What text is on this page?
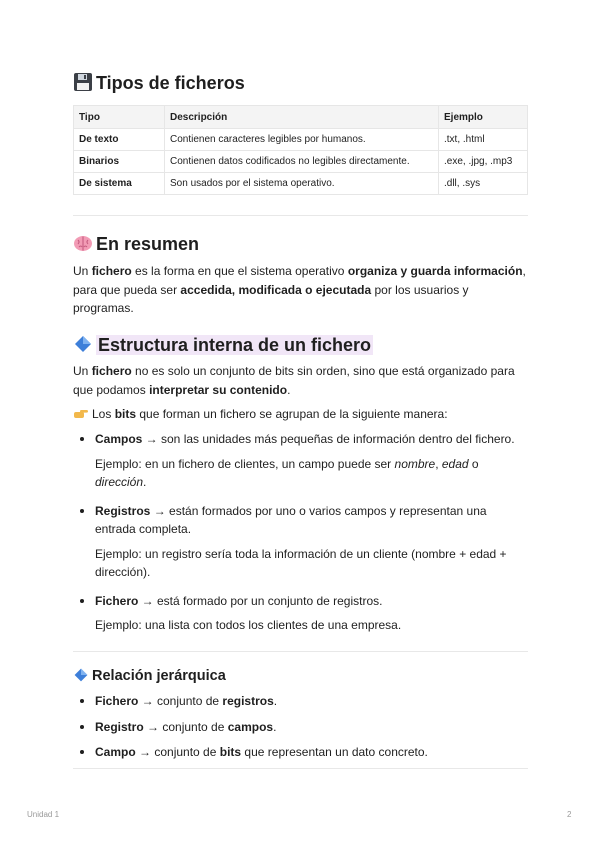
Tipos de ficheros
Tipo	Descripción	Ejemplo
De texto	Contienen caracteres legibles por humanos.	.txt, .html
Binarios	Contienen datos codificados no legibles directamente.	.exe, .jpg, .mp3
De sistema	Son usados por el sistema operativo.	.dll, .sys
En resumen

Un fichero es la forma en que el sistema operativo organiza y guarda información, para que pueda ser accedida, modificada o ejecutada por los usuarios y programas.

Estructura interna de un fichero

Un fichero no es solo un conjunto de bits sin orden, sino que está organizado para que podamos interpretar su contenido.

Los bits que forman un fichero se agrupan de la siguiente manera:

Campos → son las unidades más pequeñas de información dentro del fichero.
Ejemplo: en un fichero de clientes, un campo puede ser nombre, edad o dirección.
Registros → están formados por uno o varios campos y representan una entrada completa.
Ejemplo: un registro sería toda la información de un cliente (nombre + edad + dirección).
Fichero → está formado por un conjunto de registros.
Ejemplo: una lista con todos los clientes de una empresa.
Relación jerárquica
Fichero → conjunto de registros.
Registro → conjunto de campos.
Campo → conjunto de bits que representan un dato concreto.
Unidad 1	2
